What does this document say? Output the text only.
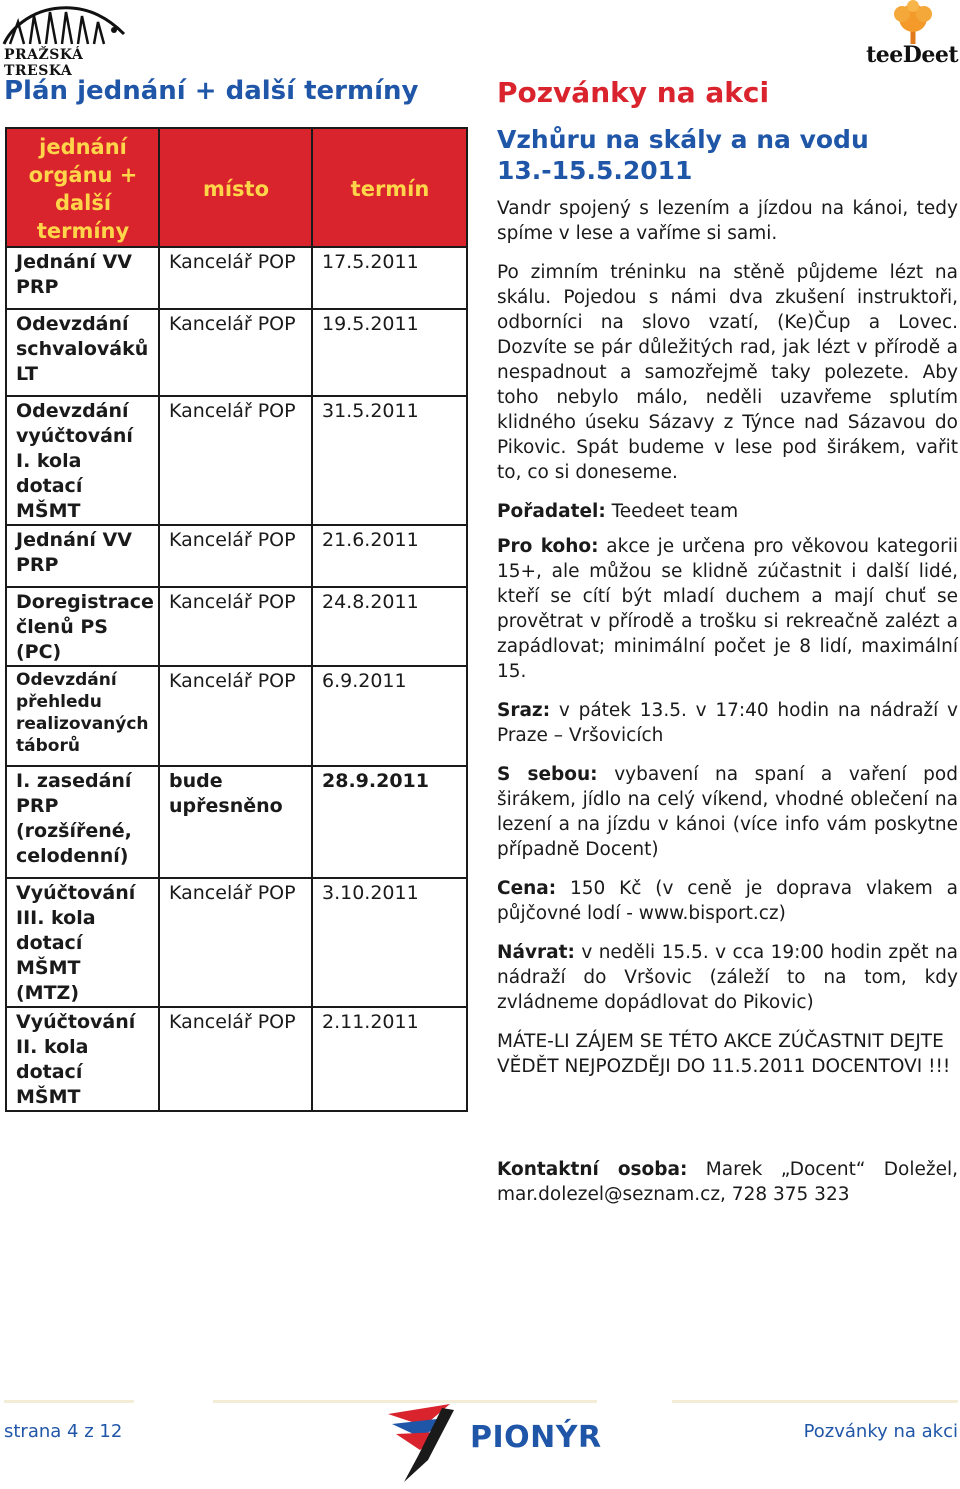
PRAŽSKÁ TRESKA
Plán jednání + další termíny	Pozvánky na akci
teeDeet
jednání orgánu + další termíny	místo	termín
Jednání VV PRP	Kancelář POP	17.5.2011
Odevzdání schvalováků LT	Kancelář POP	19.5.2011
Odevzdání vyúčtování I. kola dotací MŠMT	Kancelář POP	31.5.2011
Jednání VV PRP	Kancelář POP	21.6.2011
Doregistrace členů PS (PC)	Kancelář POP	24.8.2011
Odevzdání přehledu realizovaných táborů	Kancelář POP	6.9.2011
I. zasedání PRP (rozšířené, celodenní)	bude upřesněno	28.9.2011
Vyúčtování III. kola dotací MŠMT (MTZ)	Kancelář POP	3.10.2011
Vyúčtování II. kola dotací MŠMT	Kancelář POP	2.11.2011
Vzhůru na skály a na vodu 13.-15.5.2011

Vandr spojený s lezením a jízdou na kánoi, tedy spíme v lese a vaříme si sami.

Po zimním tréninku na stěně půjdeme lézt na skálu. Pojedou s námi dva zkušení instruktoři, odborníci na slovo vzatí, (Ke)Čup a Lovec. Dozvíte se pár důležitých rad, jak lézt v přírodě a nespadnout a samozřejmě taky polezete. Aby toho nebylo málo, neděli uzavřeme splutím klidného úseku Sázavy z Týnce nad Sázavou do Pikovic. Spát budeme v lese pod širákem, vařit to, co si doneseme.

Pořadatel: Teedeet team

Pro koho: akce je určena pro věkovou kategorii 15+, ale můžou se klidně zúčastnit i další lidé, kteří se cítí být mladí duchem a mají chuť se provětrat v přírodě a trošku si rekreačně zalézt a zapádlovat; minimální počet je 8 lidí, maximální 15.

Sraz: v pátek 13.5. v 17:40 hodin na nádraží v Praze – Vršovicích

S sebou: vybavení na spaní a vaření pod širákem, jídlo na celý víkend, vhodné oblečení na lezení a na jízdu v kánoi (více info vám poskytne případně Docent)

Cena: 150 Kč (v ceně je doprava vlakem a půjčovné lodí - www.bisport.cz)

Návrat: v neděli 15.5. v cca 19:00 hodin zpět na nádraží do Vršovic (záleží to na tom, kdy zvládneme dopádlovat do Pikovic)

MÁTE-LI ZÁJEM SE TÉTO AKCE ZÚČASTNIT DEJTE VĚDĚT NEJPOZDĚJI DO 11.5.2011 DOCENTOVI !!!

Kontaktní osoba: Marek „Docent“ Doležel, mar.dolezel@seznam.cz, 728 375 323
strana 4 z 12	PIONÝR	Pozvánky na akci
